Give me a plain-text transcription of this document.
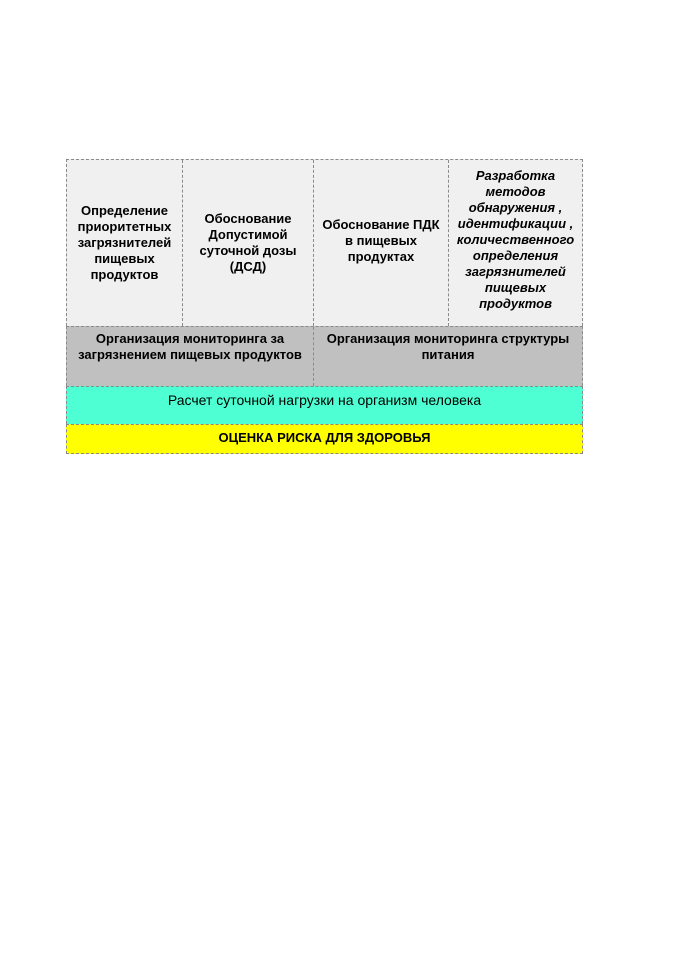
Определение приоритетных загрязнителей пищевых продуктов
Обоснование Допустимой суточной дозы (ДСД)
Обоснование ПДК в пищевых продуктах
Разработка методов обнаружения , идентификации , количественного определения загрязнителей пищевых продуктов
Организация мониторинга за загрязнением пищевых продуктов
Организация мониторинга структуры питания
Расчет суточной нагрузки на организм человека
ОЦЕНКА РИСКА ДЛЯ ЗДОРОВЬЯ
